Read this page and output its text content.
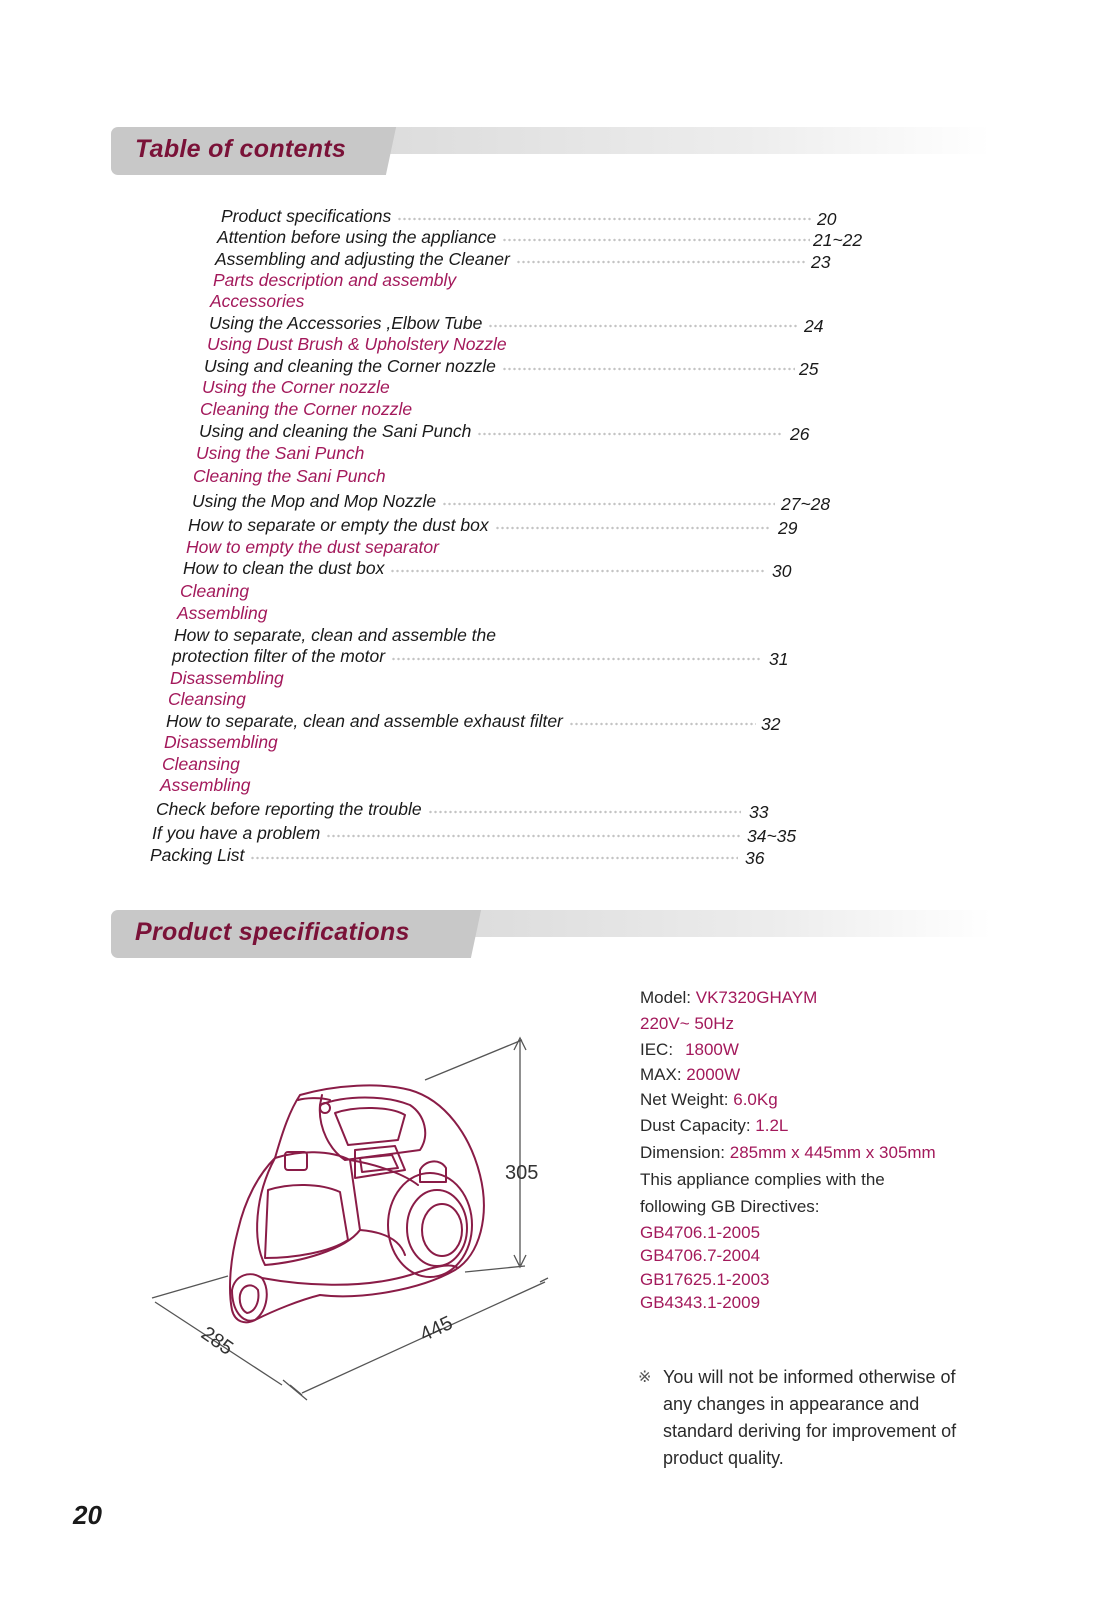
Table of contents
Product specifications	20
Attention before using the appliance	21~22
Assembling and adjusting the Cleaner	23
Parts description and assembly
Accessories
Using the Accessories ,Elbow Tube	24
Using Dust Brush & Upholstery Nozzle
Using and cleaning the Corner nozzle	25
Using the Corner nozzle
Cleaning the Corner nozzle
Using and cleaning the Sani Punch	26
Using the Sani Punch
Cleaning the Sani Punch
Using the Mop and Mop Nozzle	27~28
How to separate or empty the dust box	29
How to empty the dust separator
How to clean the dust box	30
Cleaning
Assembling
How to separate, clean and assemble the
protection filter of the motor	31
Disassembling
Cleansing
How to separate, clean and assemble exhaust filter	32
Disassembling
Cleansing
Assembling
Check before reporting the trouble	33
If you have a problem	34~35
Packing List	36
Product specifications
305
285	445
Model: VK7320GHAYM
220V~ 50Hz
IEC: 1800W
MAX: 2000W
Net Weight: 6.0Kg
Dust Capacity: 1.2L
Dimension: 285mm x 445mm x 305mm
This appliance complies with the
following GB Directives:
GB4706.1-2005
GB4706.7-2004
GB17625.1-2003
GB4343.1-2009
※ You will not be informed otherwise of any changes in appearance and standard deriving for improvement of product quality.
20
